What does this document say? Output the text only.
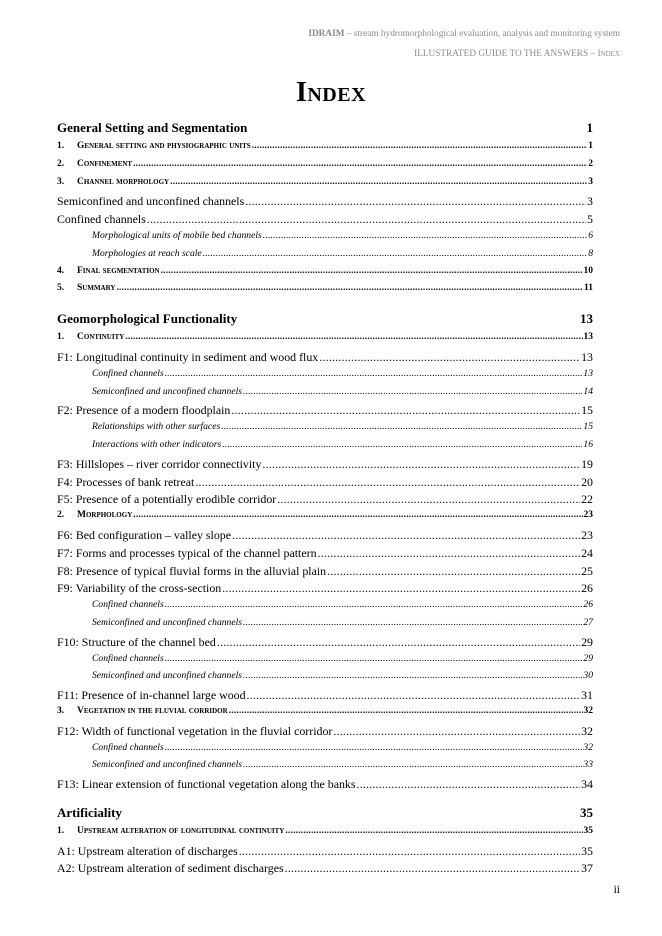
IDRAIM – stream hydromorphological evaluation, analysis and monitoring system
ILLUSTRATED GUIDE TO THE ANSWERS – Index
Index
General Setting and Segmentation	1
1. General setting and physiographic units .....	1
2. Confinement .....	2
3. Channel morphology .....	3
Semiconfined and unconfined channels .....	3
Confined channels .....	5
Morphological units of mobile bed channels .....	6
Morphologies at reach scale .....	8
4. Final segmentation .....	10
5. Summary .....	11
Geomorphological Functionality	13
1. Continuity .....	13
F1: Longitudinal continuity in sediment and wood flux .....	13
Confined channels .....	13
Semiconfined and unconfined channels .....	14
F2: Presence of a modern floodplain .....	15
Relationships with other surfaces .....	15
Interactions with other indicators .....	16
F3: Hillslopes – river corridor connectivity .....	19
F4: Processes of bank retreat .....	20
F5: Presence of a potentially erodible corridor .....	22
2. Morphology .....	23
F6: Bed configuration – valley slope .....	23
F7: Forms and processes typical of the channel pattern .....	24
F8: Presence of typical fluvial forms in the alluvial plain .....	25
F9: Variability of the cross-section .....	26
Confined channels .....	26
Semiconfined and unconfined channels .....	27
F10: Structure of the channel bed .....	29
Confined channels .....	29
Semiconfined and unconfined channels .....	30
F11: Presence of in-channel large wood .....	31
3. Vegetation in the fluvial corridor .....	32
F12: Width of functional vegetation in the fluvial corridor .....	32
Confined channels .....	32
Semiconfined and unconfined channels .....	33
F13: Linear extension of functional vegetation along the banks .....	34
Artificiality	35
1. Upstream alteration of longitudinal continuity .....	35
A1: Upstream alteration of discharges .....	35
A2: Upstream alteration of sediment discharges .....	37
ii
